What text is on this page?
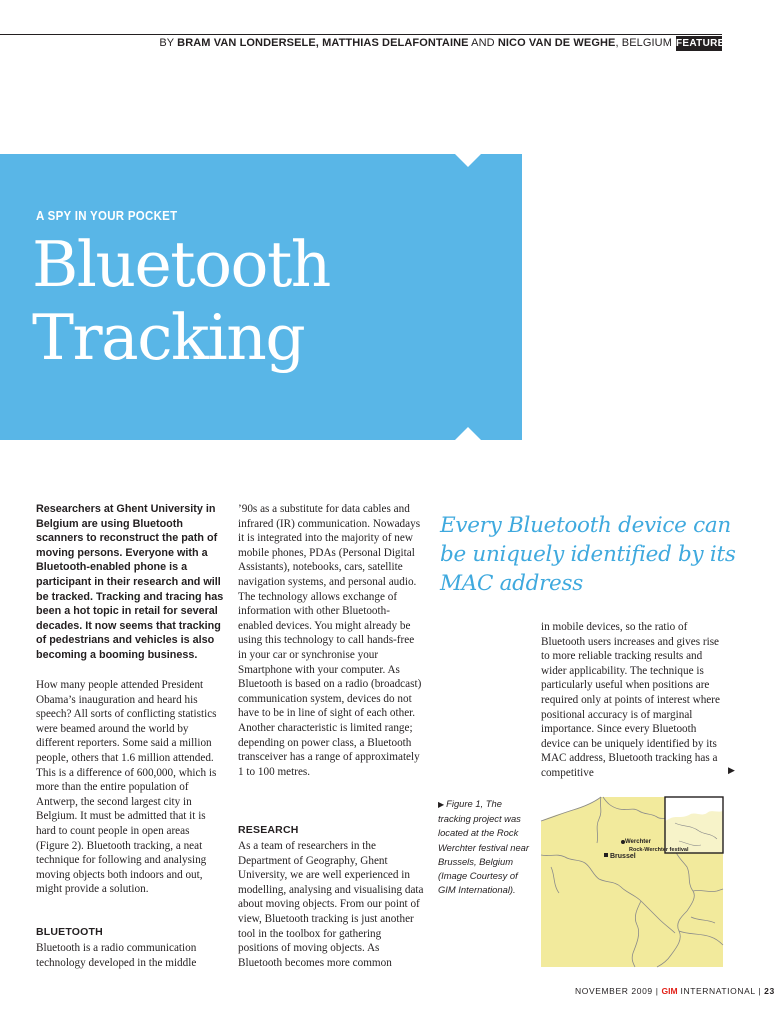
BY BRAM VAN LONDERSELE, MATTHIAS DELAFONTAINE AND NICO VAN DE WEGHE, BELGIUM FEATURE
A SPY IN YOUR POCKET
Bluetooth
Tracking
Researchers at Ghent University in Belgium are using Bluetooth scanners to reconstruct the path of moving persons. Everyone with a Bluetooth-enabled phone is a participant in their research and will be tracked. Tracking and tracing has been a hot topic in retail for several decades. It now seems that tracking of pedestrians and vehicles is also becoming a booming business.
How many people attended President Obama’s inauguration and heard his speech? All sorts of conflicting statistics were beamed around the world by different reporters. Some said a million people, others that 1.6 million attended. This is a difference of 600,000, which is more than the entire population of Antwerp, the second largest city in Belgium. It must be admitted that it is hard to count people in open areas (Figure 2). Bluetooth tracking, a neat technique for following and analysing moving objects both indoors and out, might provide a solution.
BLUETOOTH
Bluetooth is a radio communication technology developed in the middle
’90s as a substitute for data cables and infrared (IR) communication. Nowadays it is integrated into the majority of new mobile phones, PDAs (Personal Digital Assistants), notebooks, cars, satellite navigation systems, and personal audio. The technology allows exchange of information with other Bluetooth-enabled devices. You might already be using this technology to call hands-free in your car or synchronise your Smartphone with your computer. As Bluetooth is based on a radio (broadcast) communication system, devices do not have to be in line of sight of each other. Another characteristic is limited range; depending on power class, a Bluetooth transceiver has a range of approximately 1 to 100 metres.
RESEARCH
As a team of researchers in the Department of Geography, Ghent University, we are well experienced in modelling, analysing and visualising data about moving objects. From our point of view, Bluetooth tracking is just another tool in the toolbox for gathering positions of moving objects. As Bluetooth becomes more common
Every Bluetooth device can be uniquely identified by its MAC address
in mobile devices, so the ratio of Bluetooth users increases and gives rise to more reliable tracking results and wider applicability. The technique is particularly useful when positions are required only at points of interest where positional accuracy is of marginal importance. Since every Bluetooth device can be uniquely identified by its MAC address, Bluetooth tracking has a competitive	▶
▶ Figure 1, The tracking project was located at the Rock Werchter festival near Brussels, Belgium (Image Courtesy of GIM International).
Werchter
Rock-Werchter festival
Brussel
NOVEMBER 2009 | GIM INTERNATIONAL | 23
